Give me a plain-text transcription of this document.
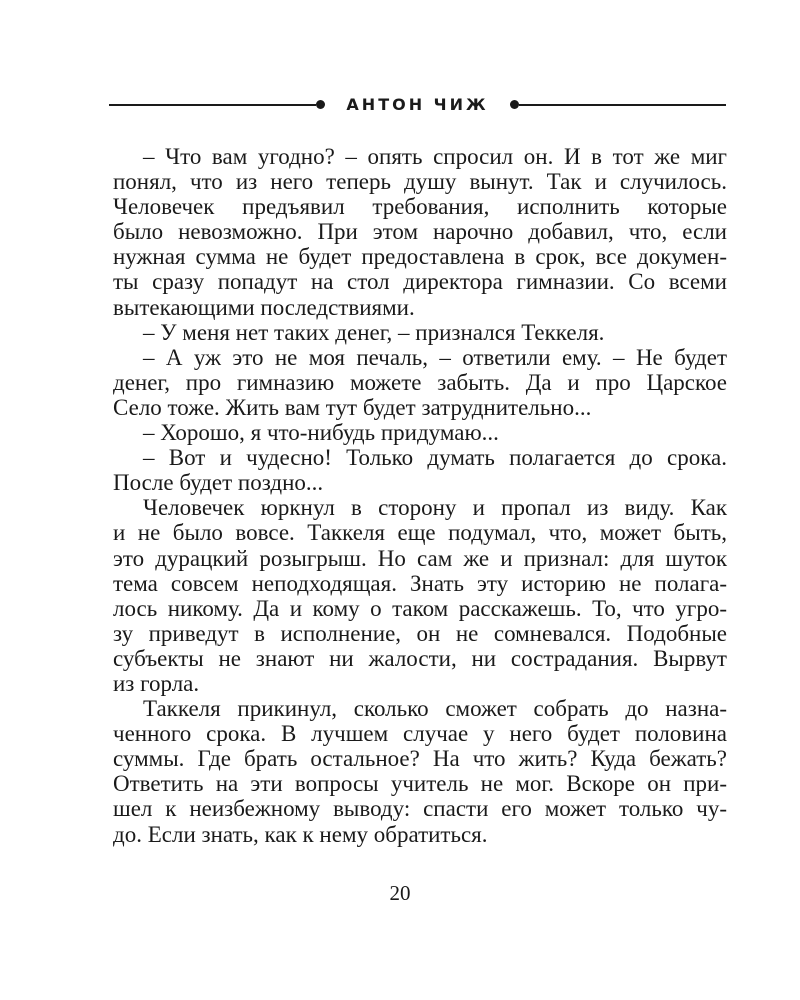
АНТОН ЧИЖ
– Что вам угодно? – опять спросил он. И в тот же миг
понял, что из него теперь душу вынут. Так и случилось.
Человечек предъявил требования, исполнить которые
было невозможно. При этом нарочно добавил, что, если
нужная сумма не будет предоставлена в срок, все докумен-
ты сразу попадут на стол директора гимназии. Со всеми
вытекающими последствиями.
– У меня нет таких денег, – признался Теккеля.
– А уж это не моя печаль, – ответили ему. – Не будет
денег, про гимназию можете забыть. Да и про Царское
Село тоже. Жить вам тут будет затруднительно...
– Хорошо, я что-нибудь придумаю...
– Вот и чудесно! Только думать полагается до срока.
После будет поздно...
Человечек юркнул в сторону и пропал из виду. Как
и не было вовсе. Таккеля еще подумал, что, может быть,
это дурацкий розыгрыш. Но сам же и признал: для шуток
тема совсем неподходящая. Знать эту историю не полага-
лось никому. Да и кому о таком расскажешь. То, что угро-
зу приведут в исполнение, он не сомневался. Подобные
субъекты не знают ни жалости, ни сострадания. Вырвут
из горла.
Таккеля прикинул, сколько сможет собрать до назна-
ченного срока. В лучшем случае у него будет половина
суммы. Где брать остальное? На что жить? Куда бежать?
Ответить на эти вопросы учитель не мог. Вскоре он при-
шел к неизбежному выводу: спасти его может только чу-
до. Если знать, как к нему обратиться.
20
